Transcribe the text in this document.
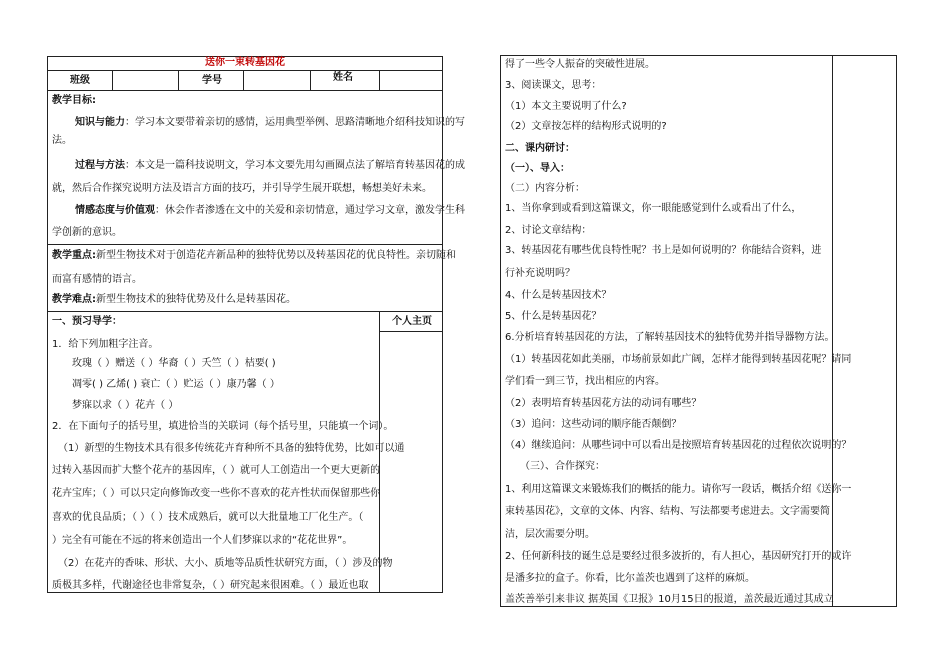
送你一束转基因花
班级	学号	姓名
教学目标:
知识与能力：学习本文要带着亲切的感情，运用典型举例、思路清晰地介绍科技知识的写
法。
过程与方法：本文是一篇科技说明文，学习本文要先用勾画圈点法了解培育转基因花的成
就，然后合作探究说明方法及语言方面的技巧，并引导学生展开联想，畅想美好未来。
情感态度与价值观：休会作者渗透在文中的关爱和亲切情意，通过学习文章，激发学生科
学创新的意识。
教学重点:新型生物技术对于创造花卉新品种的独特优势以及转基因花的优良特性。亲切随和
而富有感情的语言。
教学难点:新型生物技术的独特优势及什么是转基因花。
一、预习导学：	个人主页
1．给下列加粗字注音。
玫瑰（ ）赠送（ ）华裔（ ）夭竺（ ）桔要( )
凋零( ) 乙烯( ) 衰亡（ ）贮运（ ）康乃馨（ ）
梦寐以求（ ）花卉（ ）
2．在下面句子的括号里，填进恰当的关联词（每个括号里，只能填一个词）。
（1）新型的生物技术具有很多传统花卉育种所不具备的独特优势，比如可以通
过转入基因而扩大整个花卉的基因库，（ ）就可人工创造出一个更大更新的
花卉宝库；（ ）可以只定向修饰改变一些你不喜欢的花卉性状而保留那些你
喜欢的优良品质；（ ）（ ）技术成熟后，就可以大批量地工厂化生产。（
）完全有可能在不远的将来创造出一个人们梦寐以求的“花花世界”。
（2）在花卉的香味、形状、大小、质地等品质性状研究方面，（ ）涉及的物
质极其多样，代谢途径也非常复杂，（ ）研究起来很困难。（ ）最近也取
得了一些令人振奋的突破性进展。
3、阅读课文，思考：
（1）本文主要说明了什么?
（2）文章按怎样的结构形式说明的?
二、课内研讨：
（一）、导入：
（二）内容分析：
1、当你拿到或看到这篇课文，你一眼能感觉到什么或看出了什么，
2、讨论文章结构：
3、转基因花有哪些优良特性呢？书上是如何说明的？你能结合资料，进
行补充说明吗？
4、什么是转基因技术？
5、什么是转基因花？
6.分析培育转基因花的方法，了解转基因技术的独特优势并指导器物方法。
（1）转基因花如此美丽，市场前景如此广阔，怎样才能得到转基因花呢？请同
学们看一到三节，找出相应的内容。
（2）表明培育转基因花方法的动词有哪些？
（3）追问：这些动词的顺序能否颠倒？
（4）继续追问：从哪些词中可以看出是按照培育转基因花的过程依次说明的？
（三）、合作探究：
1、利用这篇课文来锻炼我们的概括的能力。请你写一段话，概括介绍《送你一
束转基因花》，文章的文体、内容、结构、写法都要考虑进去。文字需要简
洁，层次需要分明。
2、任何新科技的诞生总是要经过很多波折的，有人担心，基因研究打开的或许
是潘多拉的盒子。你看，比尔盖茨也遇到了这样的麻烦。
盖茨善举引来非议 据英国《卫报》10月15日的报道，盖茨最近通过其成立
